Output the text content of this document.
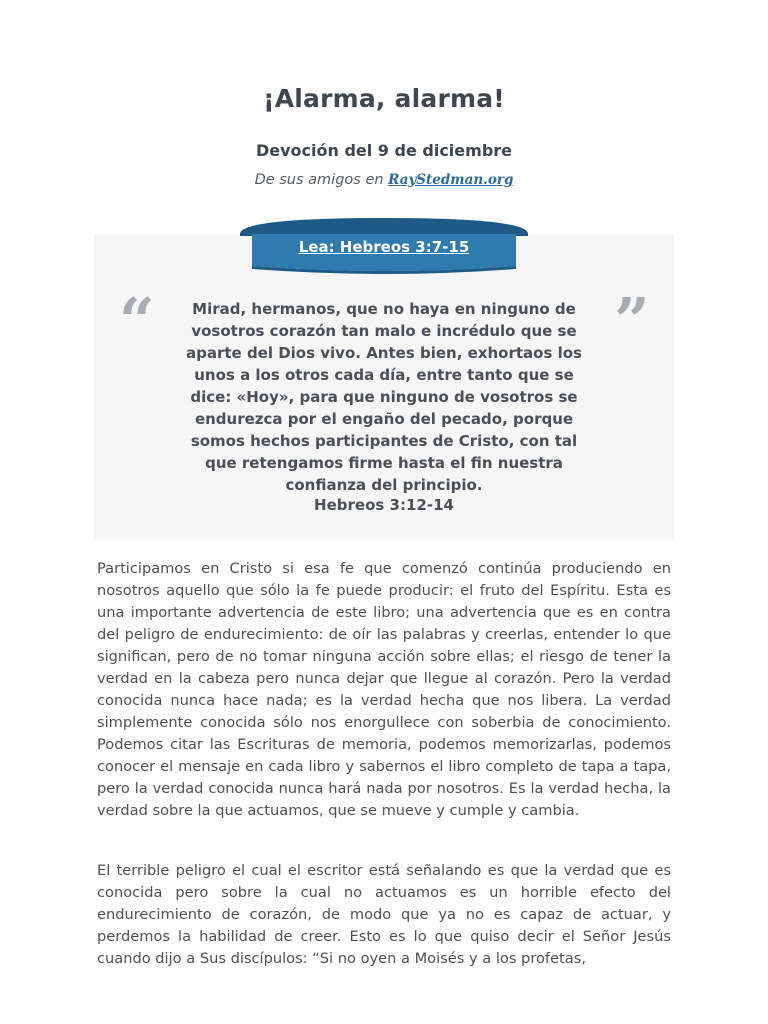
¡Alarma, alarma!
Devoción del 9 de diciembre
De sus amigos en RayStedman.org
Lea: Hebreos 3:7-15
“	”
Mirad, hermanos, que no haya en ninguno de vosotros corazón tan malo e incrédulo que se aparte del Dios vivo. Antes bien, exhortaos los unos a los otros cada día, entre tanto que se dice: «Hoy», para que ninguno de vosotros se endurezca por el engaño del pecado, porque somos hechos participantes de Cristo, con tal que retengamos firme hasta el fin nuestra confianza del principio.
Hebreos 3:12-14

Participamos en Cristo si esa fe que comenzó continúa produciendo en nosotros aquello que sólo la fe puede producir: el fruto del Espíritu. Esta es una importante advertencia de este libro; una advertencia que es en contra del peligro de endurecimiento: de oír las palabras y creerlas, entender lo que significan, pero de no tomar ninguna acción sobre ellas; el riesgo de tener la verdad en la cabeza pero nunca dejar que llegue al corazón. Pero la verdad conocida nunca hace nada; es la verdad hecha que nos libera. La verdad simplemente conocida sólo nos enorgullece con soberbia de conocimiento. Podemos citar las Escrituras de memoria, podemos memorizarlas, podemos conocer el mensaje en cada libro y sabernos el libro completo de tapa a tapa, pero la verdad conocida nunca hará nada por nosotros. Es la verdad hecha, la verdad sobre la que actuamos, que se mueve y cumple y cambia.

El terrible peligro el cual el escritor está señalando es que la verdad que es conocida pero sobre la cual no actuamos es un horrible efecto del endurecimiento de corazón, de modo que ya no es capaz de actuar, y perdemos la habilidad de creer. Esto es lo que quiso decir el Señor Jesús cuando dijo a Sus discípulos: “Si no oyen a Moisés y a los profetas,
